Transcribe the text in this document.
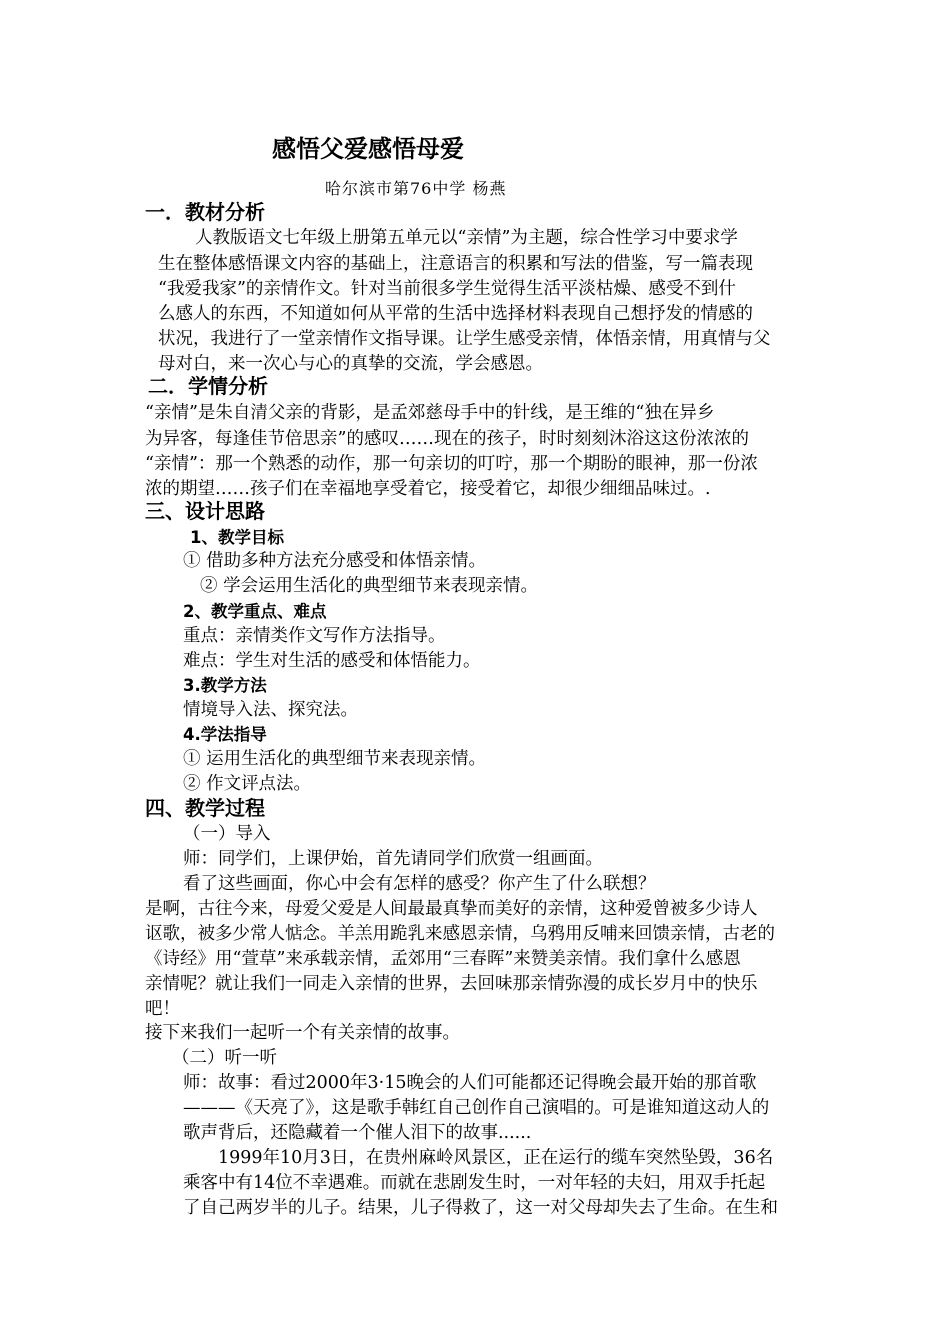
感悟父爱感悟母爱
哈尔滨市第76中学 杨燕
一．教材分析
人教版语文七年级上册第五单元以“亲情”为主题，综合性学习中要求学
生在整体感悟课文内容的基础上，注意语言的积累和写法的借鉴，写一篇表现
“我爱我家”的亲情作文。针对当前很多学生觉得生活平淡枯燥、感受不到什
么感人的东西，不知道如何从平常的生活中选择材料表现自己想抒发的情感的
状况，我进行了一堂亲情作文指导课。让学生感受亲情，体悟亲情，用真情与父
母对白，来一次心与心的真挚的交流，学会感恩。
二．学情分析
“亲情”是朱自清父亲的背影，是孟郊慈母手中的针线，是王维的“独在异乡
为异客，每逢佳节倍思亲”的感叹……现在的孩子，时时刻刻沐浴这这份浓浓的
“亲情”：那一个熟悉的动作，那一句亲切的叮咛，那一个期盼的眼神，那一份浓
浓的期望……孩子们在幸福地享受着它，接受着它，却很少细细品味过。.
三、设计思路
1、教学目标
① 借助多种方法充分感受和体悟亲情。
② 学会运用生活化的典型细节来表现亲情。
2、教学重点、难点
重点：亲情类作文写作方法指导。
难点：学生对生活的感受和体悟能力。
3.教学方法
情境导入法、探究法。
4.学法指导
① 运用生活化的典型细节来表现亲情。
② 作文评点法。
四、教学过程
（一）导入
师：同学们，上课伊始，首先请同学们欣赏一组画面。
看了这些画面，你心中会有怎样的感受？你产生了什么联想？
是啊，古往今来，母爱父爱是人间最最真挚而美好的亲情，这种爱曾被多少诗人
讴歌，被多少常人惦念。羊羔用跪乳来感恩亲情，乌鸦用反哺来回馈亲情，古老的
《诗经》用“萱草”来承载亲情，孟郊用“三春晖”来赞美亲情。我们拿什么感恩
亲情呢？就让我们一同走入亲情的世界，去回味那亲情弥漫的成长岁月中的快乐
吧！
接下来我们一起听一个有关亲情的故事。
（二）听一听
师：故事：看过2000年3·15晚会的人们可能都还记得晚会最开始的那首歌
———《天亮了》，这是歌手韩红自己创作自己演唱的。可是谁知道这动人的
歌声背后，还隐藏着一个催人泪下的故事......
1999年10月3日，在贵州麻岭风景区，正在运行的缆车突然坠毁，36名
乘客中有14位不幸遇难。而就在悲剧发生时，一对年轻的夫妇，用双手托起
了自己两岁半的儿子。结果，儿子得救了，这一对父母却失去了生命。在生和
